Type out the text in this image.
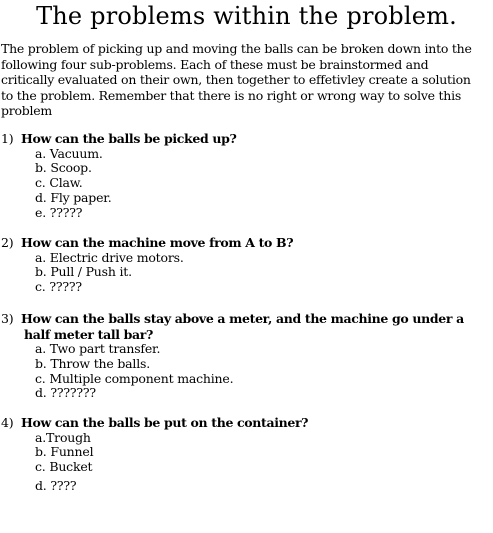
The problems within the problem.
The problem of picking up and moving the balls can be broken down into the following four sub-problems. Each of these must be brainstormed and critically evaluated on their own, then together to effetivley create a solution to the problem. Remember that there is no right or wrong way to solve this problem
1) How can the balls be picked up?
a. Vacuum.
b. Scoop.
c. Claw.
d. Fly paper.
e. ?????
2) How can the machine move from A to B?
a. Electric drive motors.
b. Pull / Push it.
c. ?????
3) How can the balls stay above a meter, and the machine go under a
half meter tall bar?
a. Two part transfer.
b. Throw the balls.
c. Multiple component machine.
d. ???????
4) How can the balls be put on the container?
a.Trough
b. Funnel
c. Bucket
d. ????
